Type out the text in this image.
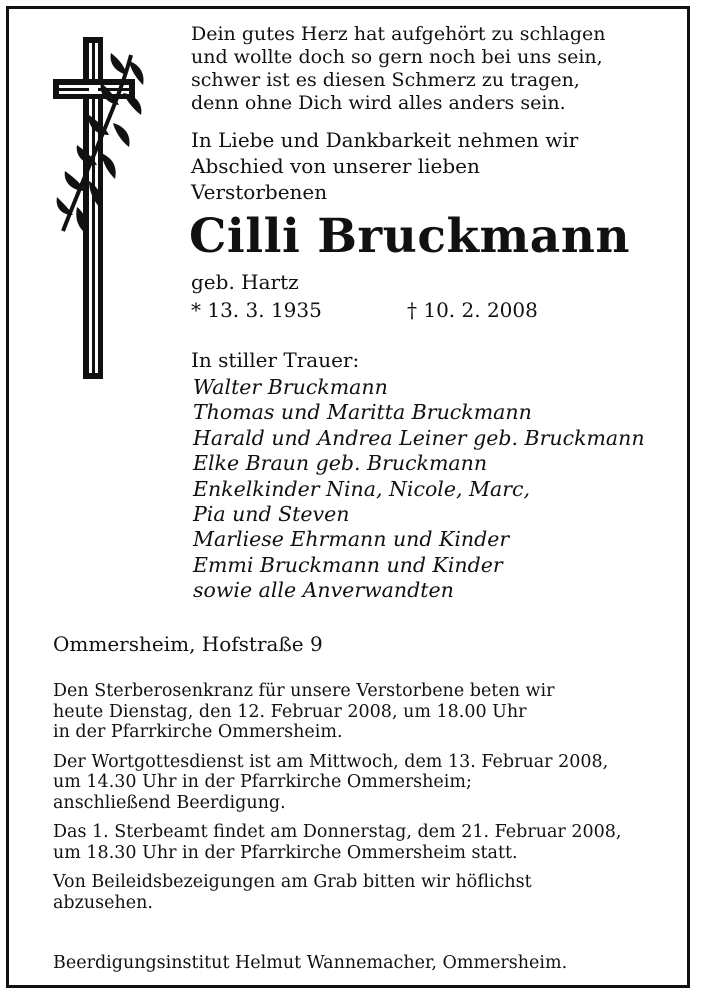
Dein gutes Herz hat aufgehört zu schlagen
und wollte doch so gern noch bei uns sein,
schwer ist es diesen Schmerz zu tragen,
denn ohne Dich wird alles anders sein.
In Liebe und Dankbarkeit nehmen wir
Abschied von unserer lieben
Verstorbenen
Cilli Bruckmann
geb. Hartz
* 13. 3. 1935	† 10. 2. 2008
In stiller Trauer:
Walter Bruckmann
Thomas und Maritta Bruckmann
Harald und Andrea Leiner geb. Bruckmann
Elke Braun geb. Bruckmann
Enkelkinder Nina, Nicole, Marc,
Pia und Steven
Marliese Ehrmann und Kinder
Emmi Bruckmann und Kinder
sowie alle Anverwandten
Ommersheim, Hofstraße 9

Den Sterberosenkranz für unsere Verstorbene beten wir
heute Dienstag, den 12. Februar 2008, um 18.00 Uhr
in der Pfarrkirche Ommersheim.

Der Wortgottesdienst ist am Mittwoch, dem 13. Februar 2008,
um 14.30 Uhr in der Pfarrkirche Ommersheim;
anschließend Beerdigung.

Das 1. Sterbeamt findet am Donnerstag, dem 21. Februar 2008,
um 18.30 Uhr in der Pfarrkirche Ommersheim statt.

Von Beileidsbezeigungen am Grab bitten wir höflichst
abzusehen.

Beerdigungsinstitut Helmut Wannemacher, Ommersheim.
